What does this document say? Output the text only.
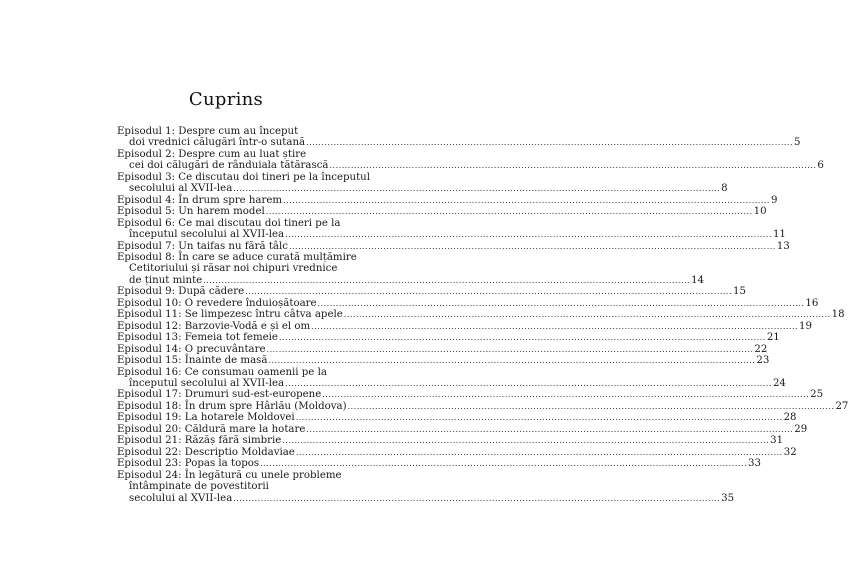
Cuprins
Episodul 1: Despre cum au început
doi vrednici călugări într-o sutană ................................................................................................................................................................ 5
Episodul 2: Despre cum au luat știre
cei doi călugări de rânduiala tătărască ................................................................................................................................................................ 6
Episodul 3: Ce discutau doi tineri pe la începutul
secolului al XVII-lea ................................................................................................................................................................ 8
Episodul 4: În drum spre harem ................................................................................................................................................................ 9
Episodul 5: Un harem model ................................................................................................................................................................ 10
Episodul 6: Ce mai discutau doi tineri pe la
începutul secolului al XVII-lea ................................................................................................................................................................ 11
Episodul 7: Un taifas nu fără tâlc ................................................................................................................................................................ 13
Episodul 8: În care se aduce curată mulțămire
Cetitoriului și răsar noi chipuri vrednice
de ținut minte ................................................................................................................................................................ 14
Episodul 9: După cădere ................................................................................................................................................................ 15
Episodul 10: O revedere înduioșătoare ................................................................................................................................................................ 16
Episodul 11: Se limpezesc întru câtva apele ................................................................................................................................................................ 18
Episodul 12: Barzovie-Vodă e și el om ................................................................................................................................................................ 19
Episodul 13: Femeia tot femeie ................................................................................................................................................................ 21
Episodul 14: O precuvântare ................................................................................................................................................................ 22
Episodul 15: Înainte de masă ................................................................................................................................................................ 23
Episodul 16: Ce consumau oamenii pe la
începutul secolului al XVII-lea ................................................................................................................................................................ 24
Episodul 17: Drumuri sud-est-europene ................................................................................................................................................................ 25
Episodul 18: În drum spre Hârlău (Moldova) ................................................................................................................................................................ 27
Episodul 19: La hotarele Moldovei ................................................................................................................................................................ 28
Episodul 20: Căldură mare la hotare ................................................................................................................................................................ 29
Episodul 21: Răzăș fără simbrie ................................................................................................................................................................ 31
Episodul 22: Descriptio Moldaviae ................................................................................................................................................................ 32
Episodul 23: Popas la topos ................................................................................................................................................................ 33
Episodul 24: În legătură cu unele probleme
întâmpinate de povestitorii
secolului al XVII-lea ................................................................................................................................................................ 35
